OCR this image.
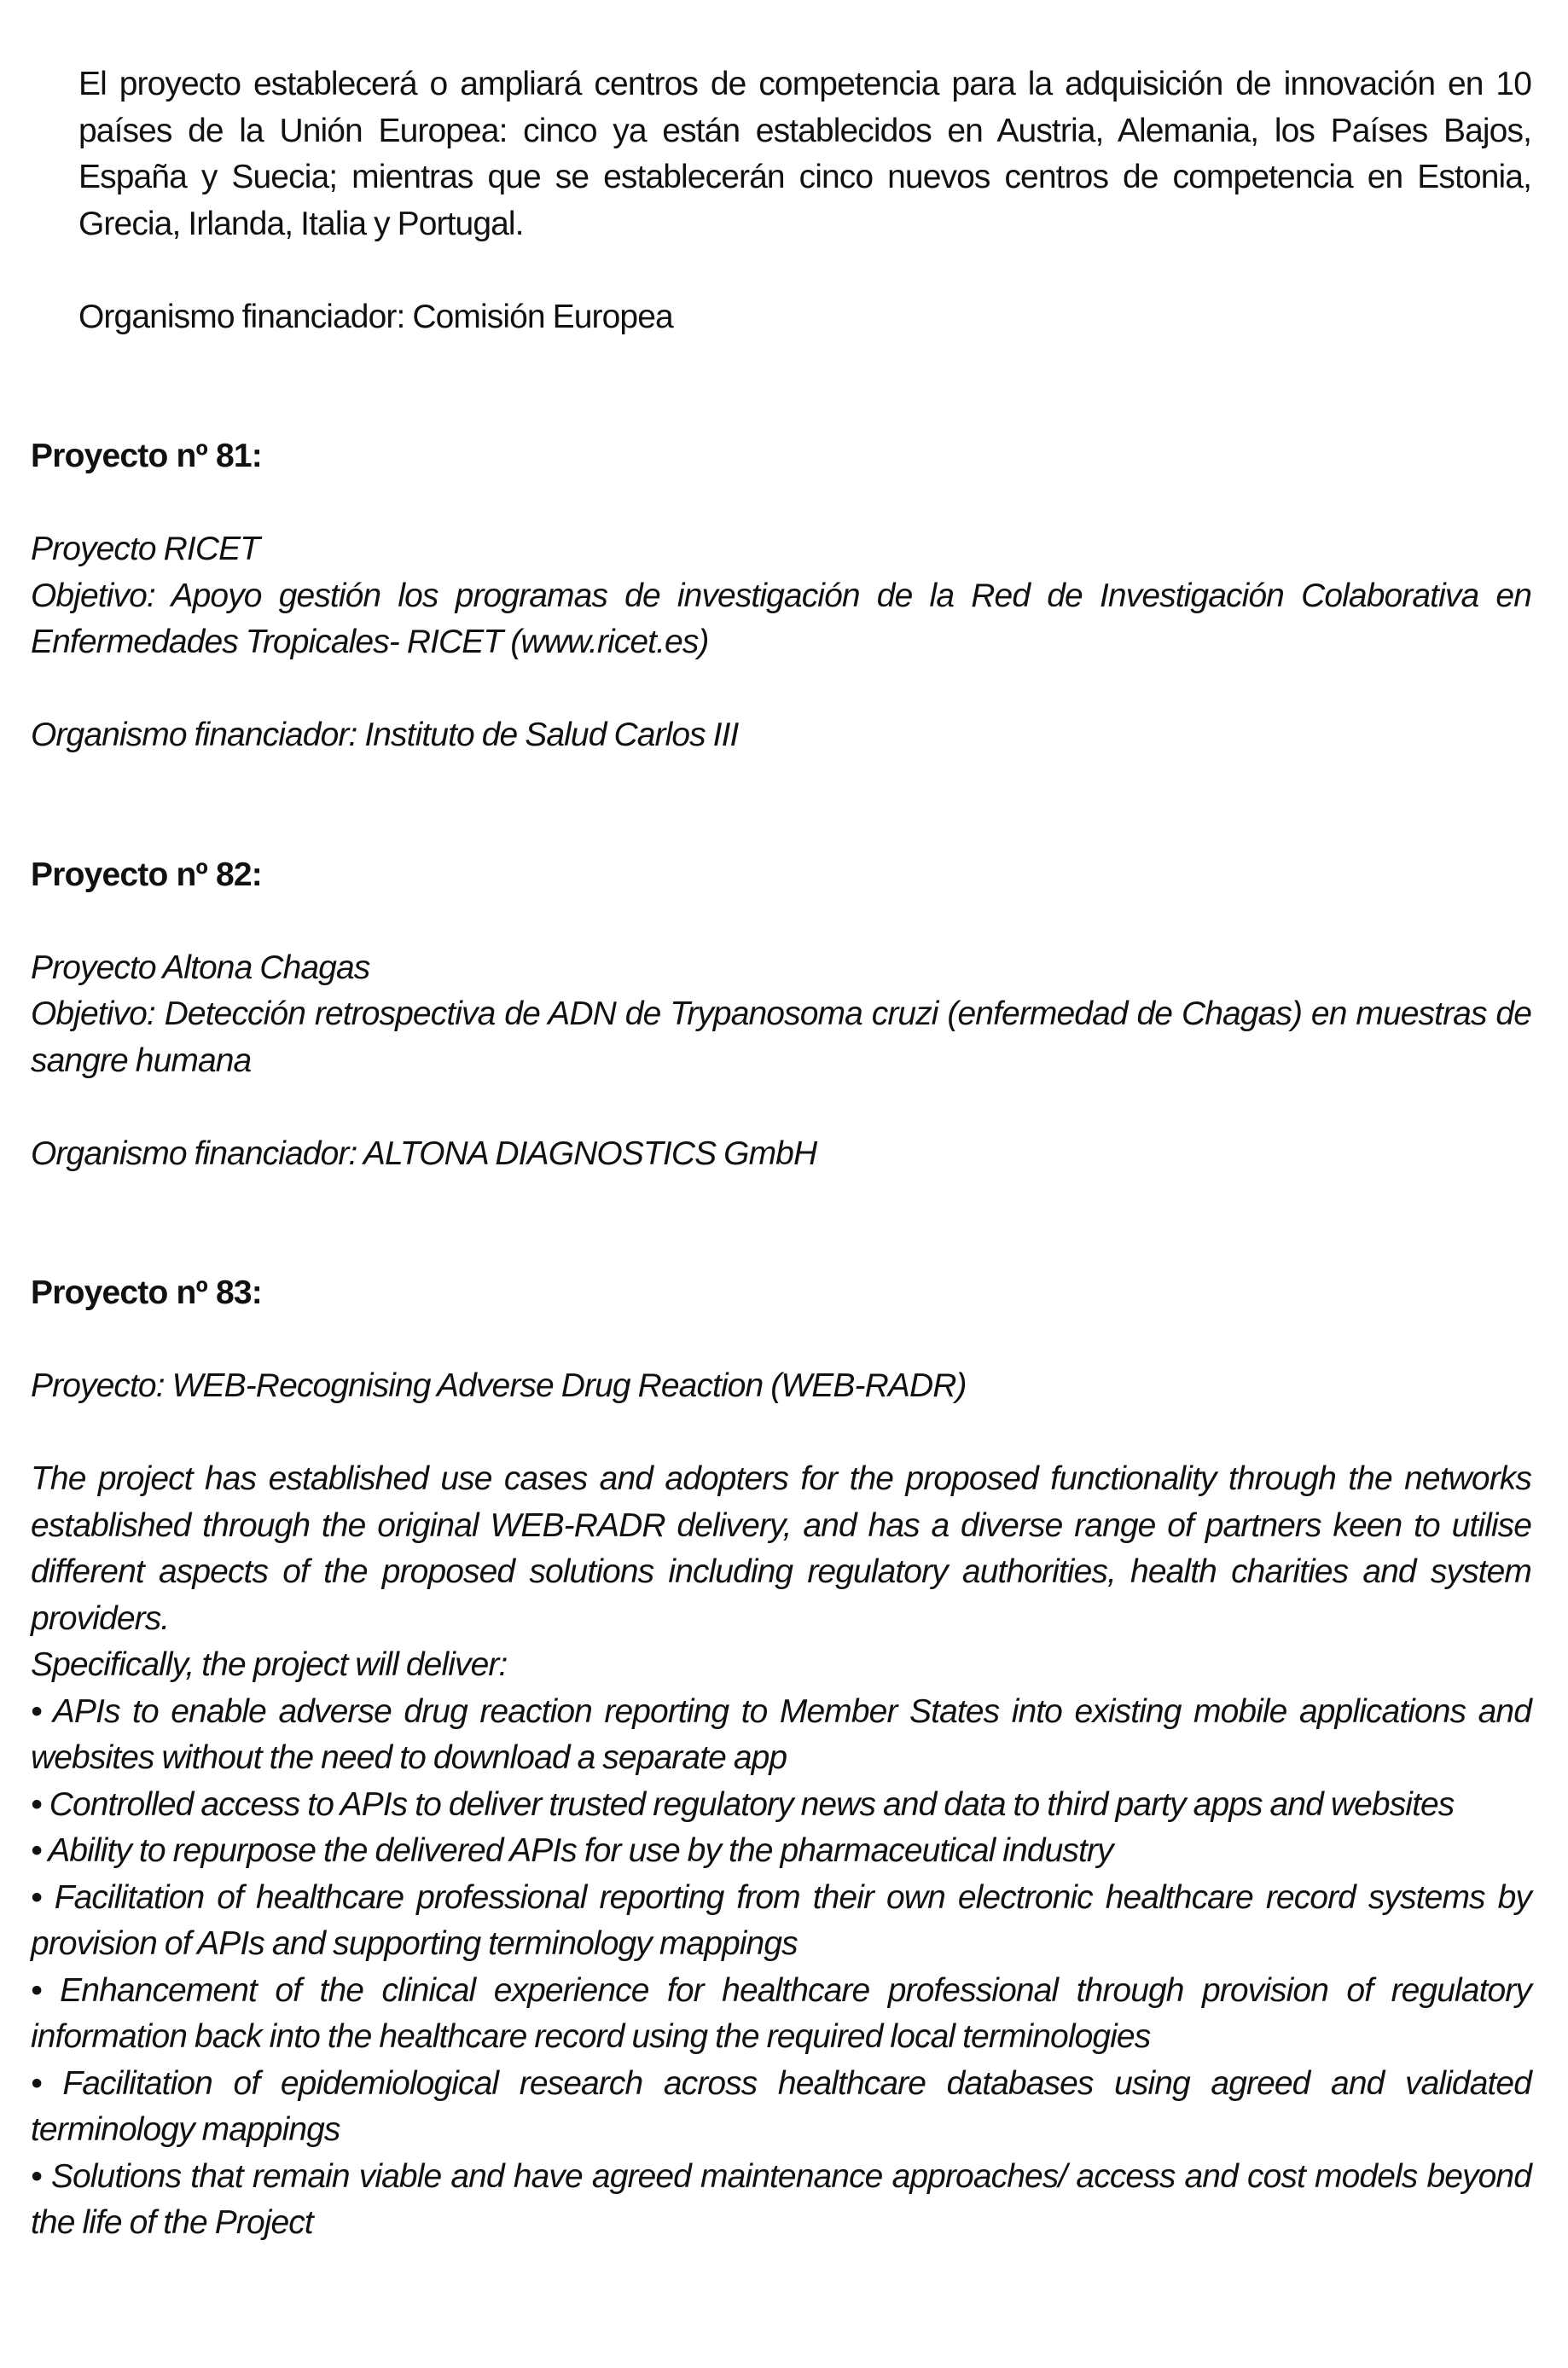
El proyecto establecerá o ampliará centros de competencia para la adquisición de innovación en 10 países de la Unión Europea: cinco ya están establecidos en Austria, Alemania, los Países Bajos, España y Suecia; mientras que se establecerán cinco nuevos centros de competencia en Estonia, Grecia, Irlanda, Italia y Portugal.

Organismo financiador: Comisión Europea

Proyecto nº 81:

Proyecto RICET

Objetivo: Apoyo gestión los programas de investigación de la Red de Investigación Colaborativa en Enfermedades Tropicales- RICET (www.ricet.es)

Organismo financiador: Instituto de Salud Carlos III

Proyecto nº 82:

Proyecto Altona Chagas

Objetivo: Detección retrospectiva de ADN de Trypanosoma cruzi (enfermedad de Chagas) en muestras de sangre humana

Organismo financiador: ALTONA DIAGNOSTICS GmbH

Proyecto nº 83:

Proyecto: WEB-Recognising Adverse Drug Reaction (WEB-RADR)

The project has established use cases and adopters for the proposed functionality through the networks established through the original WEB-RADR delivery, and has a diverse range of partners keen to utilise different aspects of the proposed solutions including regulatory authorities, health charities and system providers.

Specifically, the project will deliver:

• APIs to enable adverse drug reaction reporting to Member States into existing mobile applications and websites without the need to download a separate app
• Controlled access to APIs to deliver trusted regulatory news and data to third party apps and websites
• Ability to repurpose the delivered APIs for use by the pharmaceutical industry
• Facilitation of healthcare professional reporting from their own electronic healthcare record systems by provision of APIs and supporting terminology mappings
• Enhancement of the clinical experience for healthcare professional through provision of regulatory information back into the healthcare record using the required local terminologies
• Facilitation of epidemiological research across healthcare databases using agreed and validated terminology mappings
• Solutions that remain viable and have agreed maintenance approaches/ access and cost models beyond the life of the Project
